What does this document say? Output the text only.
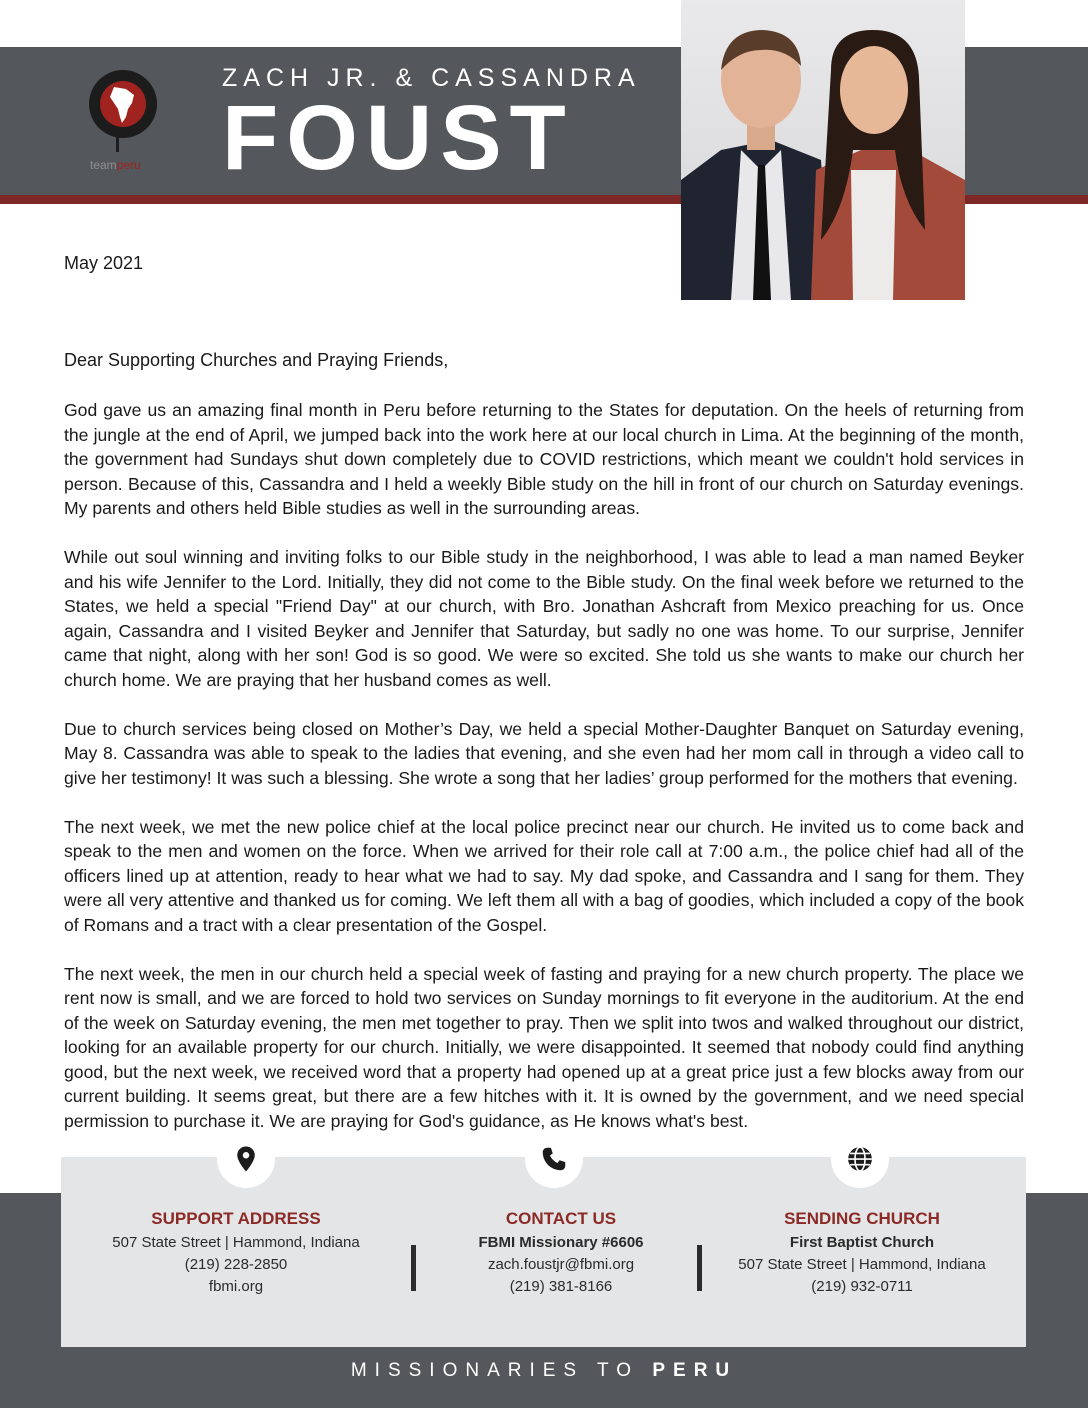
teamperu
ZACH JR. & CASSANDRA
FOUST
May 2021
Dear Supporting Churches and Praying Friends,

God gave us an amazing final month in Peru before returning to the States for deputation. On the heels of returning from the jungle at the end of April, we jumped back into the work here at our local church in Lima. At the beginning of the month, the government had Sundays shut down completely due to COVID restrictions, which meant we couldn't hold services in person. Because of this, Cassandra and I held a weekly Bible study on the hill in front of our church on Saturday evenings. My parents and others held Bible studies as well in the surrounding areas.

While out soul winning and inviting folks to our Bible study in the neighborhood, I was able to lead a man named Beyker and his wife Jennifer to the Lord. Initially, they did not come to the Bible study. On the final week before we returned to the States, we held a special "Friend Day" at our church, with Bro. Jonathan Ashcraft from Mexico preaching for us. Once again, Cassandra and I visited Beyker and Jennifer that Saturday, but sadly no one was home. To our surprise, Jennifer came that night, along with her son! God is so good. We were so excited. She told us she wants to make our church her church home. We are praying that her husband comes as well.

Due to church services being closed on Mother’s Day, we held a special Mother-Daughter Banquet on Saturday evening, May 8. Cassandra was able to speak to the ladies that evening, and she even had her mom call in through a video call to give her testimony! It was such a blessing. She wrote a song that her ladies’ group performed for the mothers that evening.

The next week, we met the new police chief at the local police precinct near our church. He invited us to come back and speak to the men and women on the force. When we arrived for their role call at 7:00 a.m., the police chief had all of the officers lined up at attention, ready to hear what we had to say. My dad spoke, and Cassandra and I sang for them. They were all very attentive and thanked us for coming. We left them all with a bag of goodies, which included a copy of the book of Romans and a tract with a clear presentation of the Gospel.

The next week, the men in our church held a special week of fasting and praying for a new church property. The place we rent now is small, and we are forced to hold two services on Sunday mornings to fit everyone in the auditorium. At the end of the week on Saturday evening, the men met together to pray. Then we split into twos and walked throughout our district, looking for an available property for our church. Initially, we were disappointed. It seemed that nobody could find anything good, but the next week, we received word that a property had opened up at a great price just a few blocks away from our current building. It seems great, but there are a few hitches with it. It is owned by the government, and we need special permission to purchase it. We are praying for God's guidance, as He knows what's best.

SUPPORT ADDRESS
507 State Street | Hammond, Indiana
(219) 228-2850
fbmi.org
CONTACT US
FBMI Missionary #6606
zach.foustjr@fbmi.org
(219) 381-8166
SENDING CHURCH
First Baptist Church
507 State Street | Hammond, Indiana
(219) 932-0711
MISSIONARIES TO PERU
